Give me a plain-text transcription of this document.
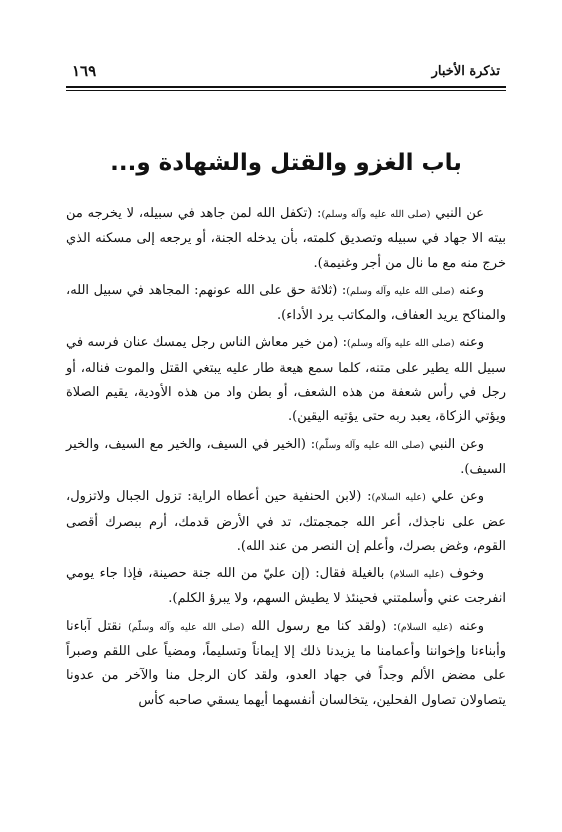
تذكرة الأخبار
١٦٩
باب الغزو والقتل والشهادة و...

عن النبي (صلى الله عليه وآله وسلم): (تكفل الله لمن جاهد في سبيله، لا يخرجه من بيته الا جهاد في سبيله وتصديق كلمته، بأن يدخله الجنة، أو يرجعه إلى مسكنه الذي خرج منه مع ما نال من أجر وغنيمة).

وعنه (صلى الله عليه وآله وسلم): (ثلاثة حق على الله عونهم: المجاهد في سبيل الله، والمناكح يريد العفاف، والمكاتب يرد الأداء).

وعنه (صلى الله عليه وآله وسلم): (من خير معاش الناس رجل يمسك عنان فرسه في سبيل الله يطير على متنه، كلما سمع هيعة طار عليه يبتغي القتل والموت فناله، أو رجل في رأس شعفة من هذه الشعف، أو بطن واد من هذه الأودية، يقيم الصلاة ويؤتي الزكاة، يعبد ربه حتى يؤتيه اليقين).

وعن النبي (صلى الله عليه وآله وسلّم): (الخير في السيف، والخير مع السيف، والخير السيف).

وعن علي (عليه السلام): (لابن الحنفية حين أعطاه الراية: تزول الجبال ولاتزول، عض على ناجذك، أعر الله جمجمتك، تد في الأرض قدمك، أرم ببصرك أقصى القوم، وغض بصرك، وأعلم إن النصر من عند الله).

وخوف (عليه السلام) بالغيلة فقال: (إن عليّ من الله جنة حصينة، فإذا جاء يومي انفرجت عني وأسلمتني فحينئذ لا يطيش السهم، ولا يبرؤ الكلم).

وعنه (عليه السلام): (ولقد كنا مع رسول الله (صلى الله عليه وآله وسلّم) نقتل آباءنا وأبناءنا وإخواننا وأعمامنا ما يزيدنا ذلك إلا إيماناً وتسليماً، ومضياً على اللقم وصبراً على مضض الألم وجداً في جهاد العدو، ولقد كان الرجل منا والآخر من عدونا يتصاولان تصاول الفحلين، يتخالسان أنفسهما أيهما يسقي صاحبه كأس
